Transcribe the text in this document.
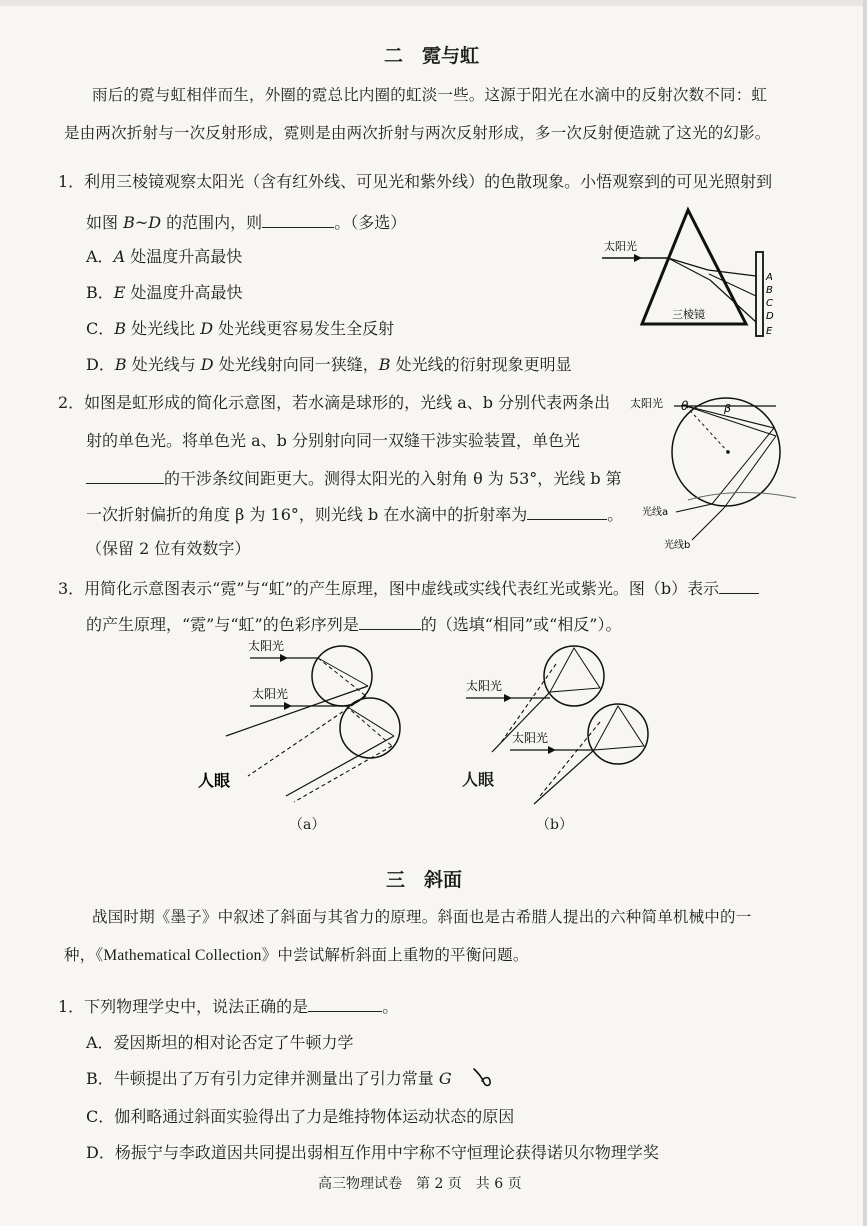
二　霓与虹
雨后的霓与虹相伴而生，外圈的霓总比内圈的虹淡一些。这源于阳光在水滴中的反射次数不同：虹
是由两次折射与一次反射形成，霓则是由两次折射与两次反射形成，多一次反射便造就了这光的幻影。
1．利用三棱镜观察太阳光（含有红外线、可见光和紫外线）的色散现象。小悟观察到的可见光照射到
如图 B~D 的范围内，则	。（多选）
A．A 处温度升高最快
B．E 处温度升高最快
C．B 处光线比 D 处光线更容易发生全反射
D．B 处光线与 D 处光线射向同一狭缝，B 处光线的衍射现象更明显
太阳光
A
B
C
D
E
三棱镜
2．如图是虹形成的简化示意图，若水滴是球形的，光线 a、b 分别代表两条出
射的单色光。将单色光 a、b 分别射向同一双缝干涉实验装置，单色光
的干涉条纹间距更大。测得太阳光的入射角 θ 为 53°，光线 b 第
一次折射偏折的角度 β 为 16°，则光线 b 在水滴中的折射率为	。
（保留 2 位有效数字）
太阳光 θ	β
光线a
光线b
3．用简化示意图表示“霓”与“虹”的产生原理，图中虚线或实线代表红光或紫光。图（b）表示
的产生原理，“霓”与“虹”的色彩序列是	的（选填“相同”或“相反”）。
太阳光
太阳光
人眼
（a）
太阳光
太阳光
人眼
（b）
三　斜面
战国时期《墨子》中叙述了斜面与其省力的原理。斜面也是古希腊人提出的六种简单机械中的一
种，《Mathematical Collection》中尝试解析斜面上重物的平衡问题。
1．下列物理学史中，说法正确的是	。
A．爱因斯坦的相对论否定了牛顿力学
B．牛顿提出了万有引力定律并测量出了引力常量 G
C．伽利略通过斜面实验得出了力是维持物体运动状态的原因
D．杨振宁与李政道因共同提出弱相互作用中宇称不守恒理论获得诺贝尔物理学奖
高三物理试卷　第 2 页　共 6 页
